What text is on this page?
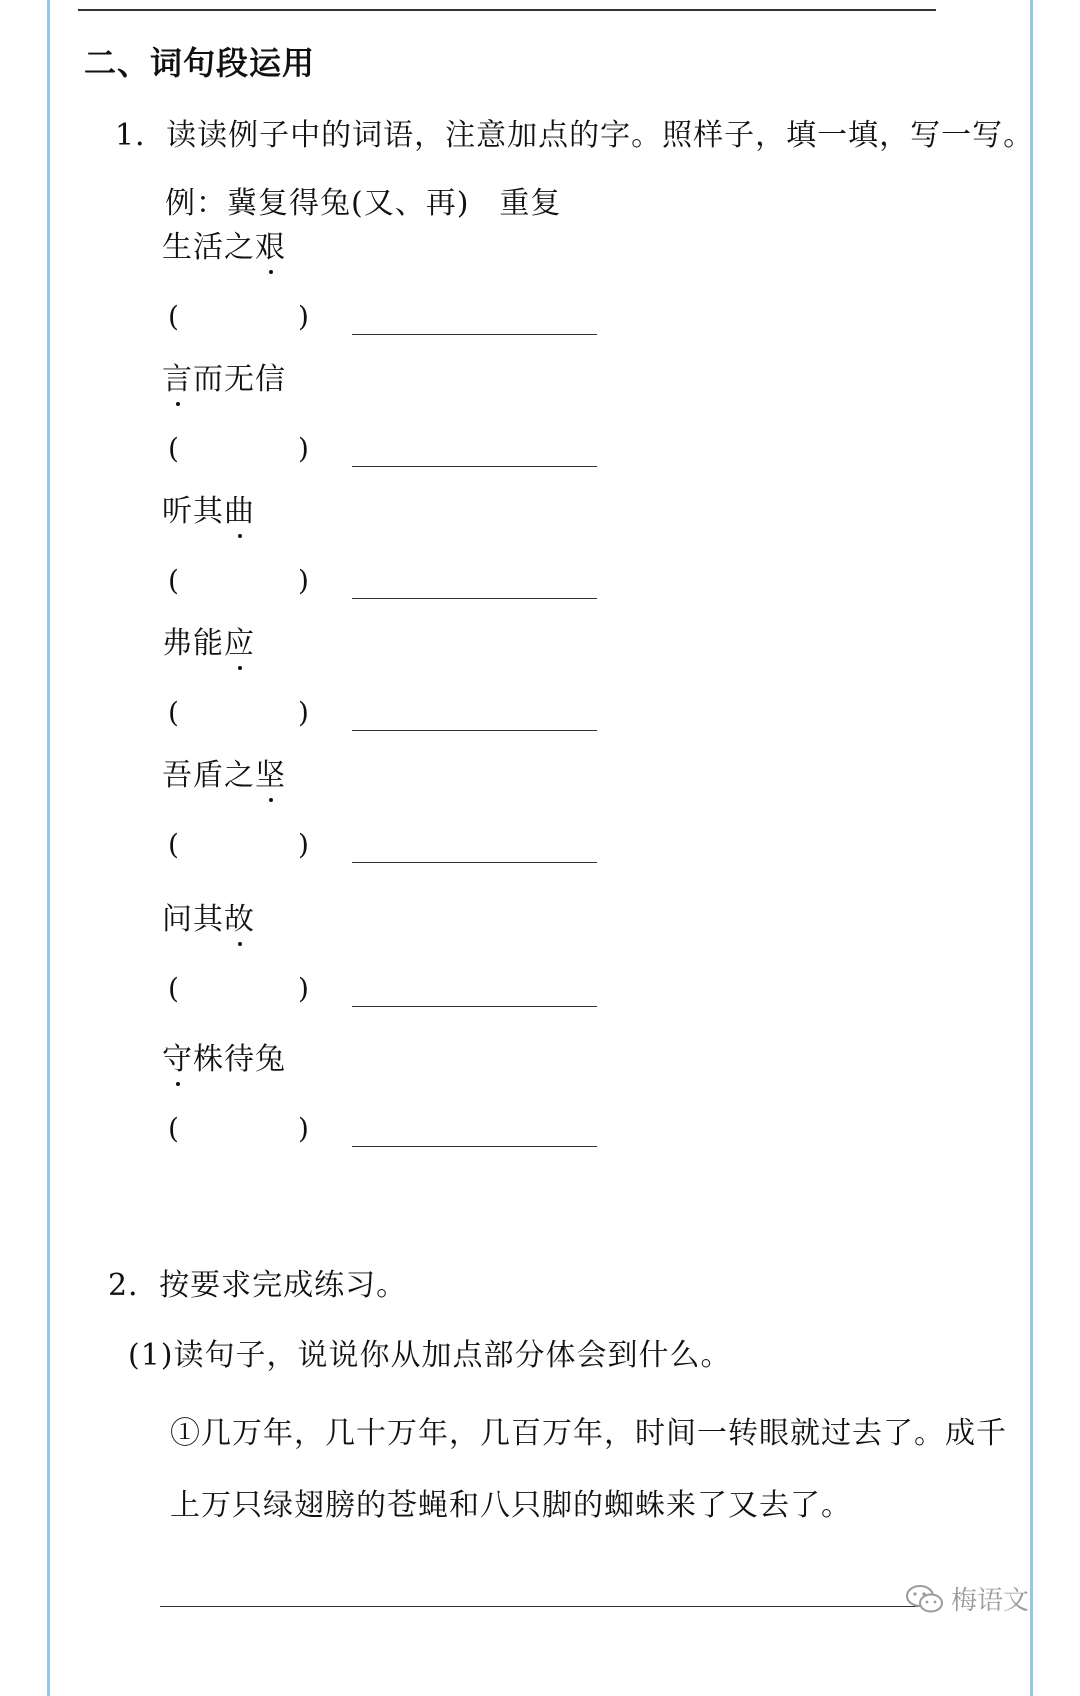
二、词句段运用
1．读读例子中的词语，注意加点的字。照样子，填一填，写一写。
例：冀复得兔(又、再) 重复
生活之艰
(	)
言而无信
(	)
听其曲
(	)
弗能应
(	)
吾盾之坚
(	)
问其故
(	)
守株待兔
(	)
2．按要求完成练习。
(1)读句子，说说你从加点部分体会到什么。
①几万年，几十万年，几百万年，时间一转眼就过去了。成千上万只绿翅膀的苍蝇和八只脚的蜘蛛来了又去了。
梅语文
